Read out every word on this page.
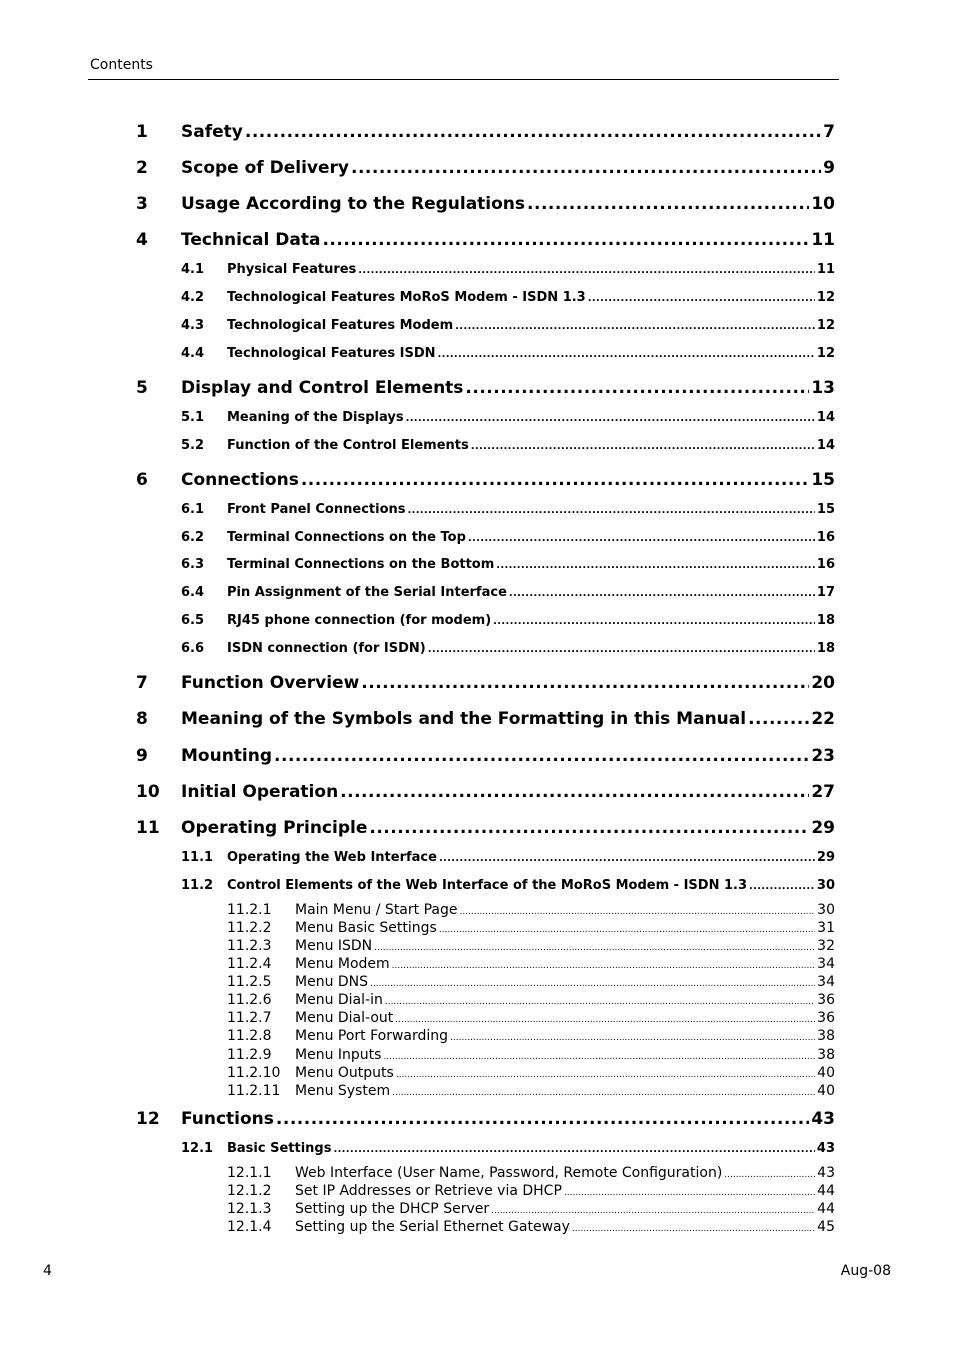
Contents
1 Safety .....	7
2 Scope of Delivery .....	9
3 Usage According to the Regulations .....	10
4 Technical Data .....	11
4.1 Physical Features .....	11
4.2 Technological Features MoRoS Modem - ISDN 1.3 .....	12
4.3 Technological Features Modem .....	12
4.4 Technological Features ISDN .....	12
5 Display and Control Elements .....	13
5.1 Meaning of the Displays .....	14
5.2 Function of the Control Elements .....	14
6 Connections .....	15
6.1 Front Panel Connections .....	15
6.2 Terminal Connections on the Top .....	16
6.3 Terminal Connections on the Bottom .....	16
6.4 Pin Assignment of the Serial Interface .....	17
6.5 RJ45 phone connection (for modem) .....	18
6.6 ISDN connection (for ISDN) .....	18
7 Function Overview .....	20
8 Meaning of the Symbols and the Formatting in this Manual .....	22
9 Mounting .....	23
10 Initial Operation .....	27
11 Operating Principle .....	29
11.1 Operating the Web Interface .....	29
11.2 Control Elements of the Web Interface of the MoRoS Modem - ISDN 1.3 .....	30
11.2.1 Main Menu / Start Page .....	30
11.2.2 Menu Basic Settings .....	31
11.2.3 Menu ISDN .....	32
11.2.4 Menu Modem .....	34
11.2.5 Menu DNS .....	34
11.2.6 Menu Dial-in .....	36
11.2.7 Menu Dial-out .....	36
11.2.8 Menu Port Forwarding .....	38
11.2.9 Menu Inputs .....	38
11.2.10 Menu Outputs .....	40
11.2.11 Menu System .....	40
12 Functions .....	43
12.1 Basic Settings .....	43
12.1.1 Web Interface (User Name, Password, Remote Configuration) .....	43
12.1.2 Set IP Addresses or Retrieve via DHCP .....	44
12.1.3 Setting up the DHCP Server .....	44
12.1.4 Setting up the Serial Ethernet Gateway .....	45
4	Aug-08
